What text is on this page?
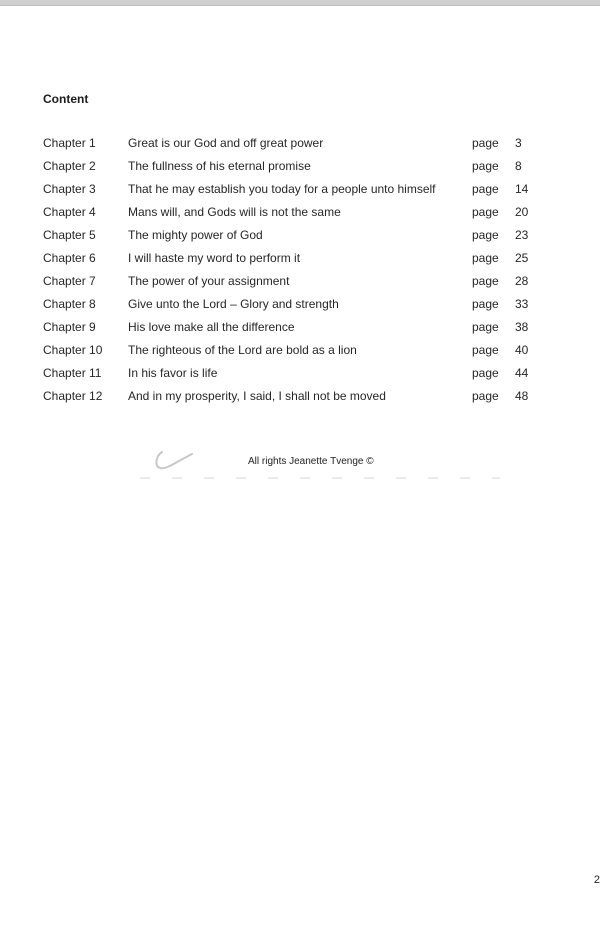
Content
Chapter 1	Great is our God and off great power	page 3
Chapter 2	The fullness of his eternal promise	page 8
Chapter 3	That he may establish you today for a people unto himself	page 14
Chapter 4	Mans will, and Gods will is not the same	page 20
Chapter 5	The mighty power of God	page 23
Chapter 6	I will haste my word to perform it	page 25
Chapter 7	The power of your assignment	page 28
Chapter 8	Give unto the Lord – Glory and strength	page 33
Chapter 9	His love make all the difference	page 38
Chapter 10 The righteous of the Lord are bold as a lion	page 40
Chapter 11 In his favor is life	page 44
Chapter 12 And in my prosperity, I said, I shall not be moved	page 48
All rights Jeanette Tvenge ©
2
